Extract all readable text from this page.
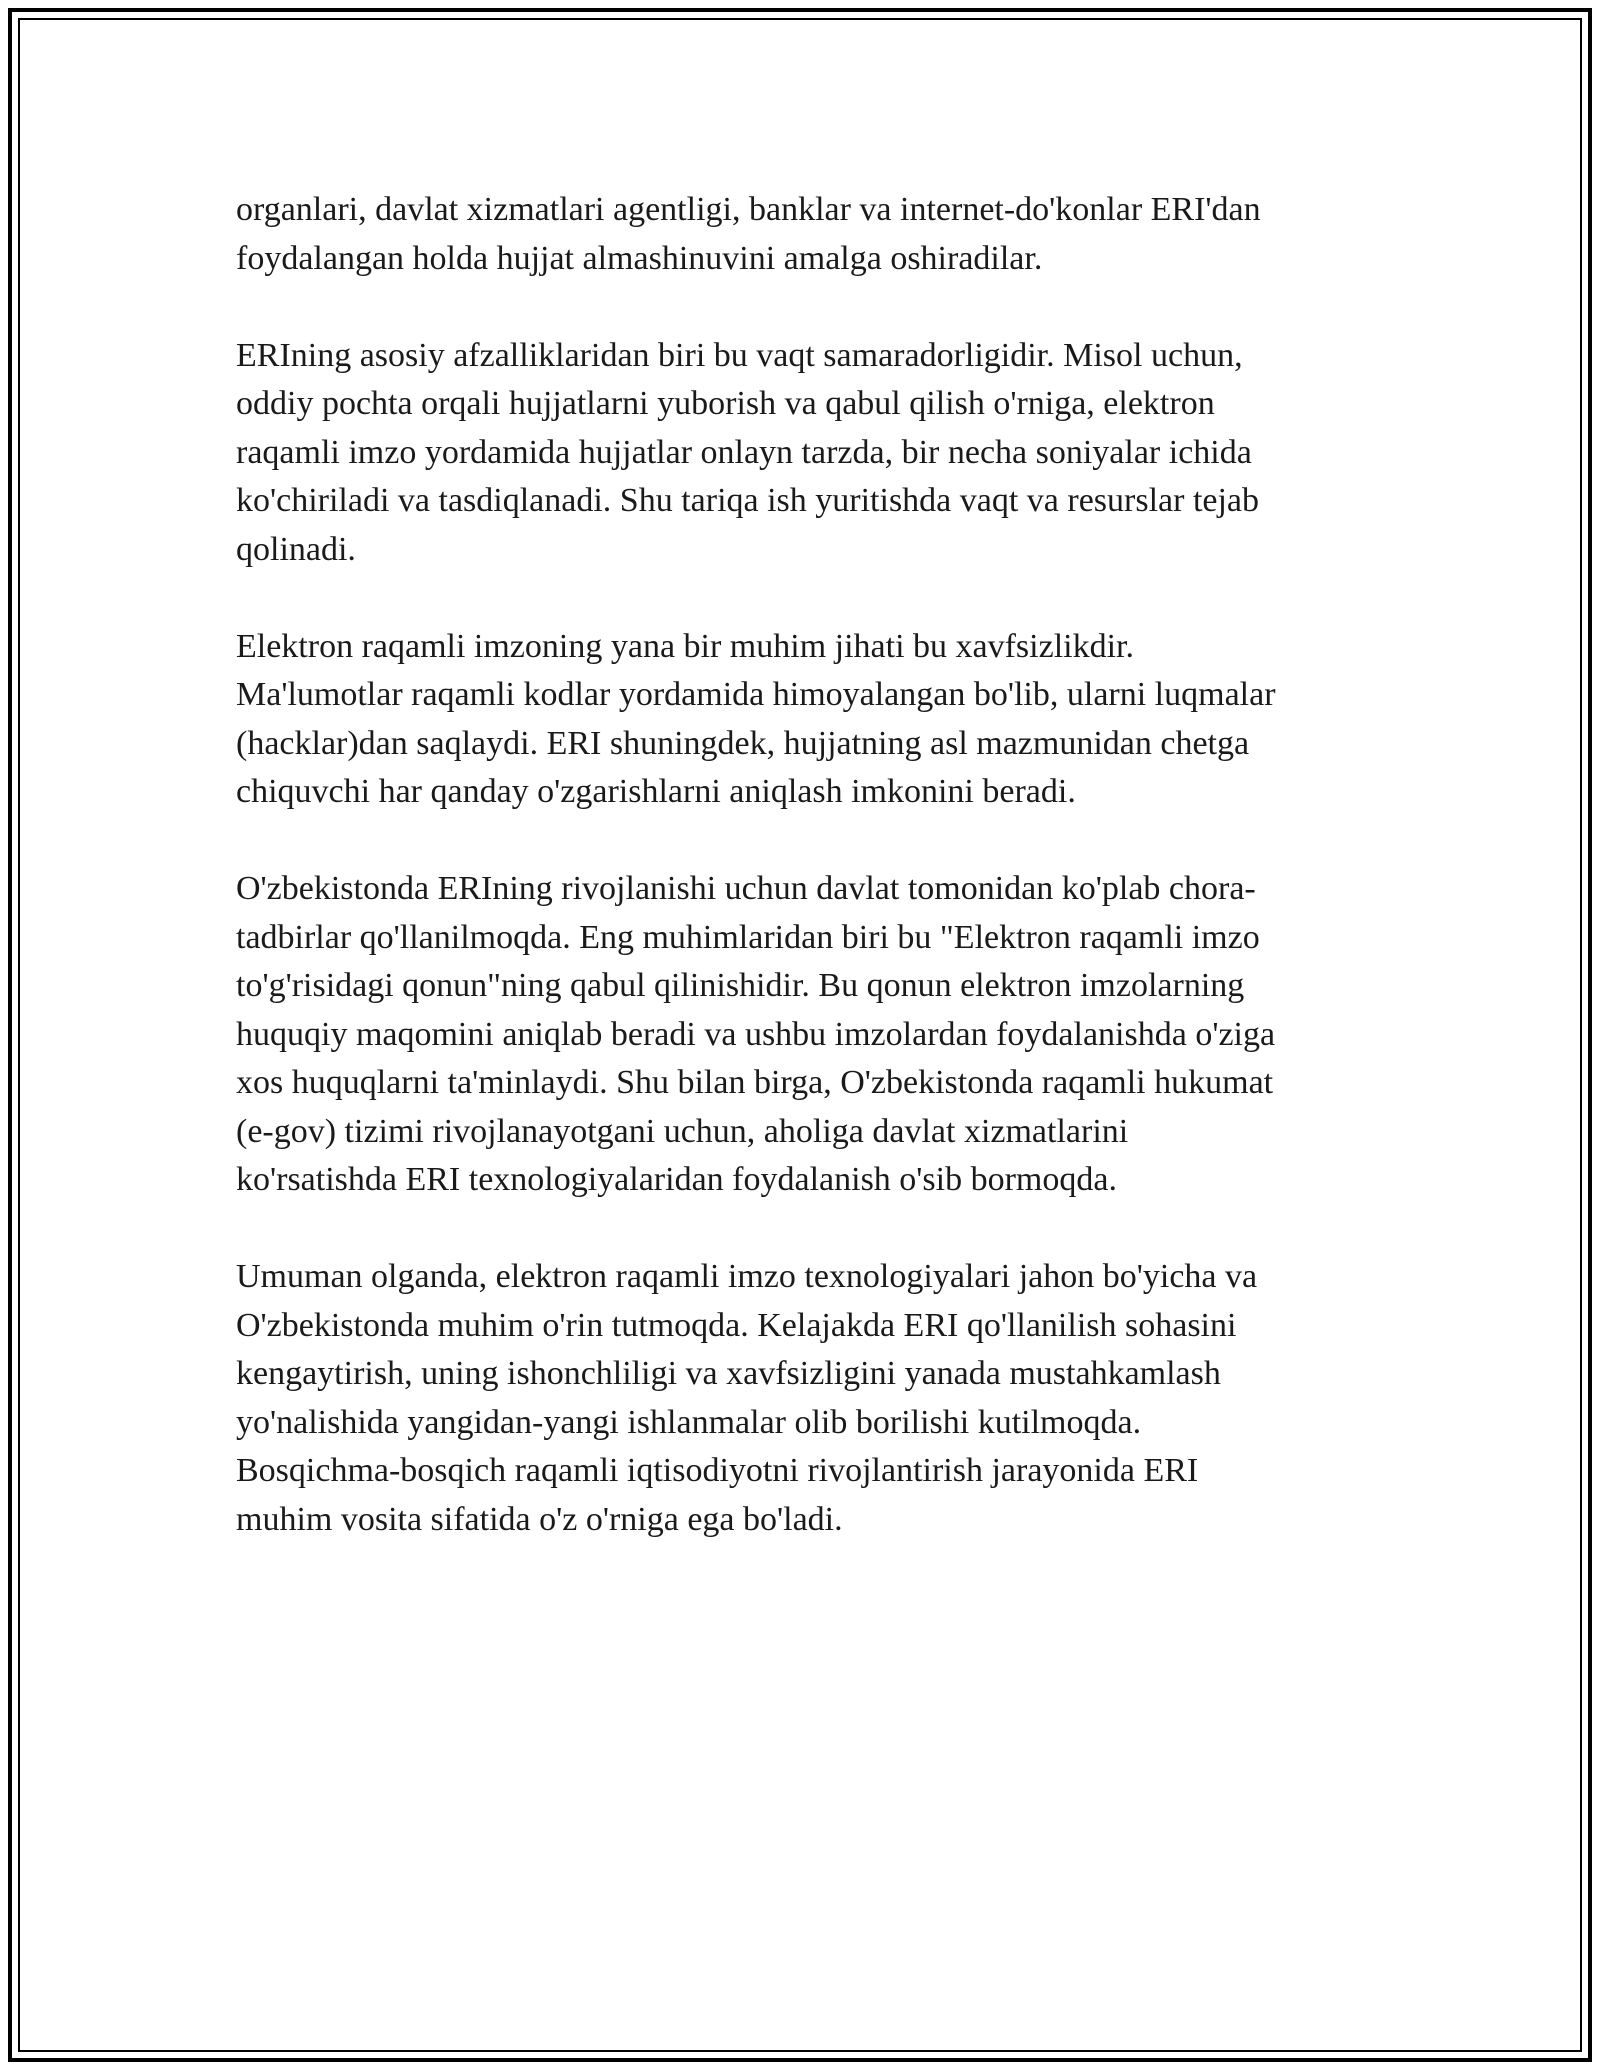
organlari, davlat xizmatlari agentligi, banklar va internet-do'konlar ERI'dan
foydalangan holda hujjat almashinuvini amalga oshiradilar.

ERIning asosiy afzalliklaridan biri bu vaqt samaradorligidir. Misol uchun,
oddiy pochta orqali hujjatlarni yuborish va qabul qilish o'rniga, elektron
raqamli imzo yordamida hujjatlar onlayn tarzda, bir necha soniyalar ichida
ko'chiriladi va tasdiqlanadi. Shu tariqa ish yuritishda vaqt va resurslar tejab
qolinadi.

Elektron raqamli imzoning yana bir muhim jihati bu xavfsizlikdir.
Ma'lumotlar raqamli kodlar yordamida himoyalangan bo'lib, ularni luqmalar
(hacklar)dan saqlaydi. ERI shuningdek, hujjatning asl mazmunidan chetga
chiquvchi har qanday o'zgarishlarni aniqlash imkonini beradi.

O'zbekistonda ERIning rivojlanishi uchun davlat tomonidan ko'plab chora-
tadbirlar qo'llanilmoqda. Eng muhimlaridan biri bu "Elektron raqamli imzo
to'g'risidagi qonun"ning qabul qilinishidir. Bu qonun elektron imzolarning
huquqiy maqomini aniqlab beradi va ushbu imzolardan foydalanishda o'ziga
xos huquqlarni ta'minlaydi. Shu bilan birga, O'zbekistonda raqamli hukumat
(e-gov) tizimi rivojlanayotgani uchun, aholiga davlat xizmatlarini
ko'rsatishda ERI texnologiyalaridan foydalanish o'sib bormoqda.

Umuman olganda, elektron raqamli imzo texnologiyalari jahon bo'yicha va
O'zbekistonda muhim o'rin tutmoqda. Kelajakda ERI qo'llanilish sohasini
kengaytirish, uning ishonchliligi va xavfsizligini yanada mustahkamlash
yo'nalishida yangidan-yangi ishlanmalar olib borilishi kutilmoqda.
Bosqichma-bosqich raqamli iqtisodiyotni rivojlantirish jarayonida ERI
muhim vosita sifatida o'z o'rniga ega bo'ladi.
